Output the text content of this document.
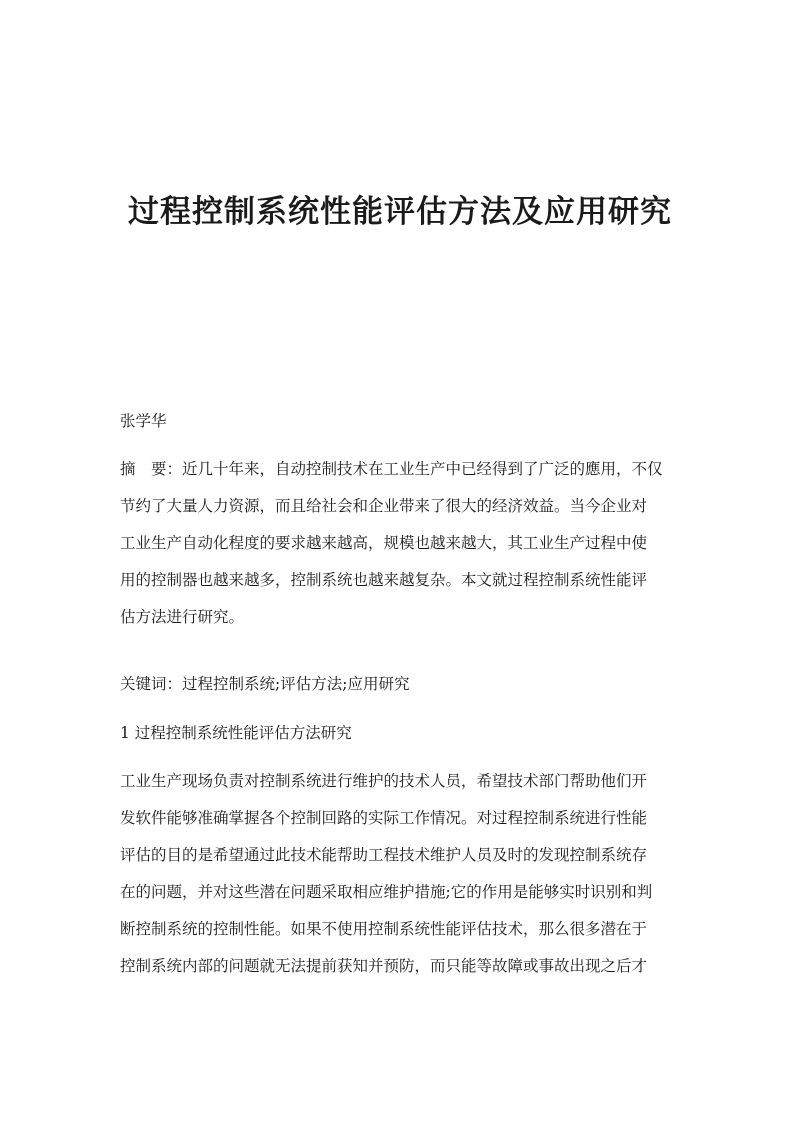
过程控制系统性能评估方法及应用研究

张学华

摘　要：近几十年来，自动控制技术在工业生产中已经得到了广泛的應用，不仅

节约了大量人力资源，而且给社会和企业带来了很大的经济效益。当今企业对

工业生产自动化程度的要求越来越高，规模也越来越大，其工业生产过程中使

用的控制器也越来越多，控制系统也越来越复杂。本文就过程控制系统性能评

估方法进行研究。

关键词：过程控制系统;评估方法;应用研究

1 过程控制系统性能评估方法研究

工业生产现场负责对控制系统进行维护的技术人员，希望技术部门帮助他们开

发软件能够准确掌握各个控制回路的实际工作情况。对过程控制系统进行性能

评估的目的是希望通过此技术能帮助工程技术维护人员及时的发现控制系统存

在的问题，并对这些潜在问题采取相应维护措施;它的作用是能够实时识别和判

断控制系统的控制性能。如果不使用控制系统性能评估技术，那么很多潜在于

控制系统内部的问题就无法提前获知并预防，而只能等故障或事故出现之后才
